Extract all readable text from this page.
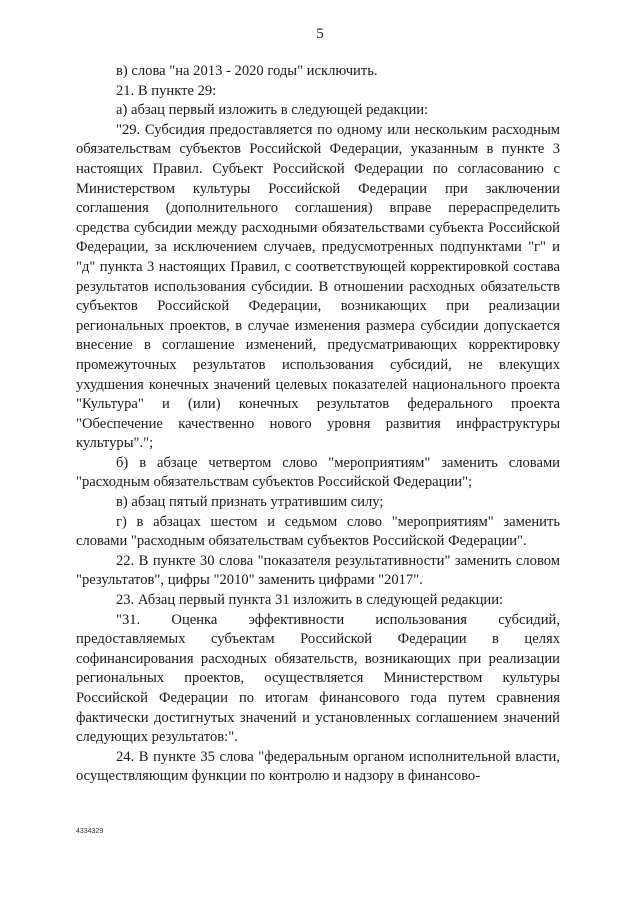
5

в) слова "на 2013 - 2020 годы" исключить.

21. В пункте 29:

а) абзац первый изложить в следующей редакции:

"29. Субсидия предоставляется по одному или нескольким расходным обязательствам субъектов Российской Федерации, указанным в пункте 3 настоящих Правил. Субъект Российской Федерации по согласованию с Министерством культуры Российской Федерации при заключении соглашения (дополнительного соглашения) вправе перераспределить средства субсидии между расходными обязательствами субъекта Российской Федерации, за исключением случаев, предусмотренных подпунктами "г" и "д" пункта 3 настоящих Правил, с соответствующей корректировкой состава результатов использования субсидии. В отношении расходных обязательств субъектов Российской Федерации, возникающих при реализации региональных проектов, в случае изменения размера субсидии допускается внесение в соглашение изменений, предусматривающих корректировку промежуточных результатов использования субсидий, не влекущих ухудшения конечных значений целевых показателей национального проекта "Культура" и (или) конечных результатов федерального проекта "Обеспечение качественно нового уровня развития инфраструктуры культуры".";

б) в абзаце четвертом слово "мероприятиям" заменить словами "расходным обязательствам субъектов Российской Федерации";

в) абзац пятый признать утратившим силу;

г) в абзацах шестом и седьмом слово "мероприятиям" заменить словами "расходным обязательствам субъектов Российской Федерации".

22. В пункте 30 слова "показателя результативности" заменить словом "результатов", цифры "2010" заменить цифрами "2017".

23. Абзац первый пункта 31 изложить в следующей редакции:

"31. Оценка эффективности использования субсидий, предоставляемых субъектам Российской Федерации в целях софинансирования расходных обязательств, возникающих при реализации региональных проектов, осуществляется Министерством культуры Российской Федерации по итогам финансового года путем сравнения фактически достигнутых значений и установленных соглашением значений следующих результатов:".

24. В пункте 35 слова "федеральным органом исполнительной власти, осуществляющим функции по контролю и надзору в финансово-

4334329
